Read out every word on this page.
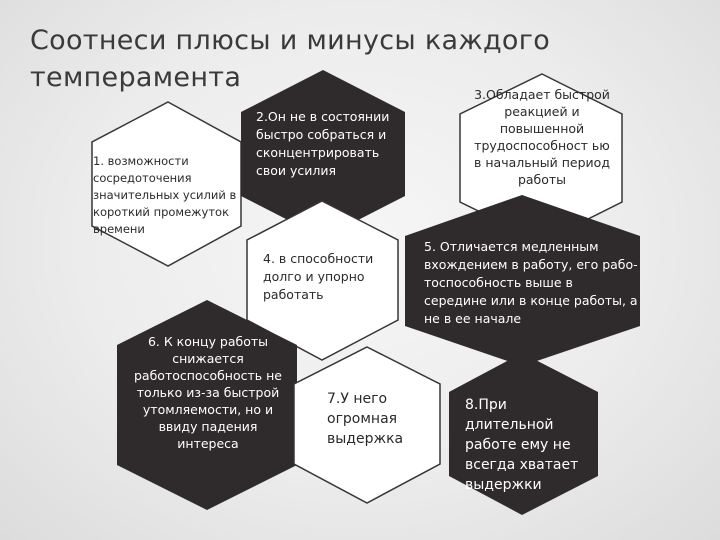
Соотнеси плюсы и минусы каждого темперамента

1. возможности сосредоточения значительных усилий в короткий промежуток времени

2.Он не в состоянии быстро собраться и сконцентрировать свои усилия

3.Обладает быстрой реакцией и повышенной трудоспособност ью в начальный период работы

4. в способности долго и упорно работать

5. Отличается медленным вхождением в работу, его рабо-тоспособность выше в середине или в конце работы, а не в ее начале

6. К концу работы снижается работоспособность не только из-за быстрой утомляемости, но и ввиду падения интереса

7.У него огромная выдержка

8.При длительной работе ему не всегда хватает выдержки
